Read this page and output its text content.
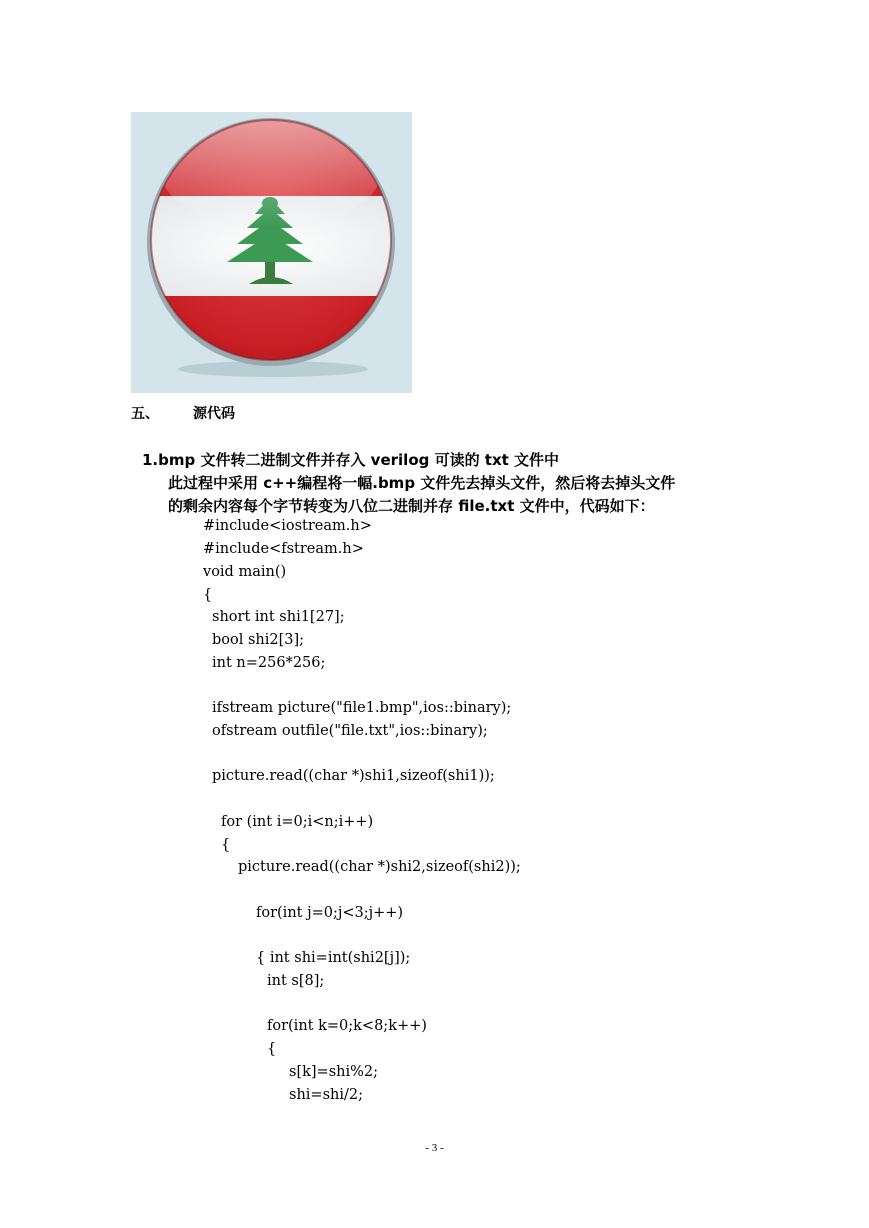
五、 源代码
1.bmp 文件转二进制文件并存入 verilog 可读的 txt 文件中
此过程中采用 c++编程将一幅.bmp 文件先去掉头文件，然后将去掉头文件
的剩余内容每个字节转变为八位二进制并存 file.txt 文件中，代码如下：
#include<iostream.h>
#include<fstream.h>
void main()
{
short int shi1[27];
bool shi2[3];
int n=256*256;
ifstream picture("file1.bmp",ios::binary);
ofstream outfile("file.txt",ios::binary);
picture.read((char *)shi1,sizeof(shi1));
for (int i=0;i<n;i++)
{
picture.read((char *)shi2,sizeof(shi2));
for(int j=0;j<3;j++)
{ int shi=int(shi2[j]);
int s[8];
for(int k=0;k<8;k++)
{
s[k]=shi%2;
shi=shi/2;
- 3 -
